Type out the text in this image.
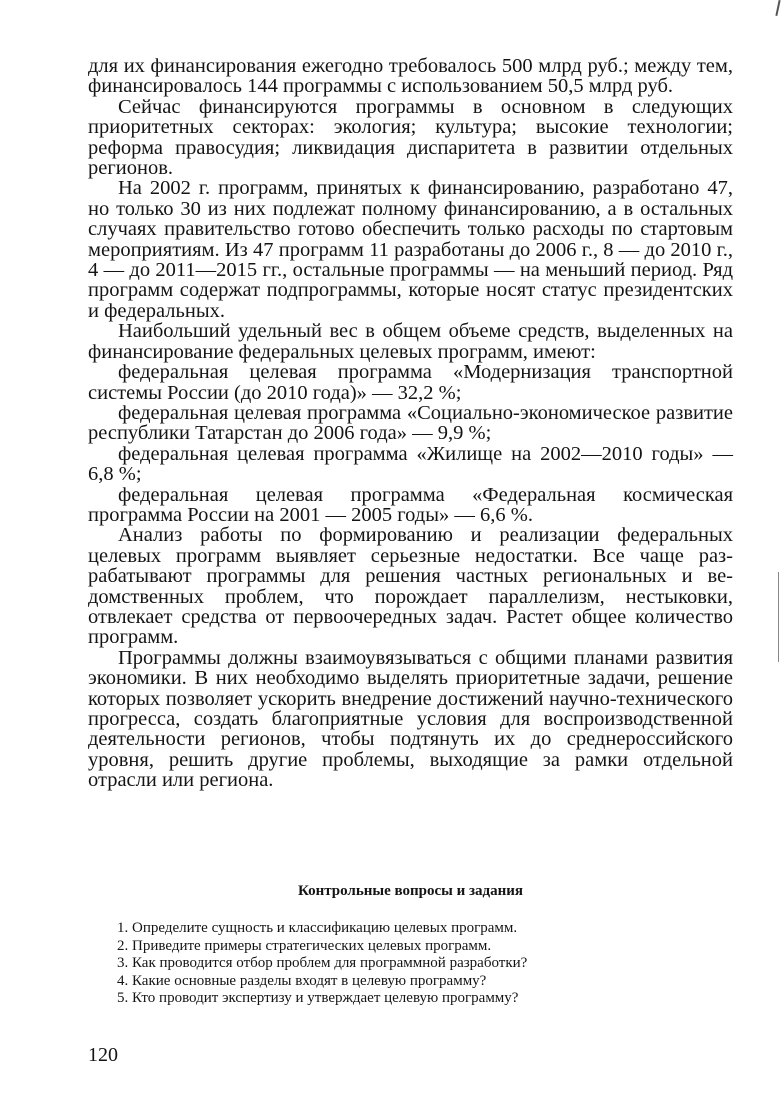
для их финансирования ежегодно требовалось 500 млрд руб.; между тем, финансировалось 144 программы с использованием 50,5 млрд руб.

Сейчас финансируются программы в основном в следующих приоритетных секторах: экология; культура; высокие технологии; реформа правосудия; ликвидация диспаритета в развитии отдельных регионов.

На 2002 г. программ, принятых к финансированию, разработано 47, но только 30 из них подлежат полному финансированию, а в остальных случаях правительство готово обеспечить только расходы по стартовым мероприятиям. Из 47 программ 11 разработаны до 2006 г., 8 — до 2010 г., 4 — до 2011—2015 гг., остальные программы — на меньший период. Ряд программ содержат подпрограммы, которые носят статус президентских и федеральных.

Наибольший удельный вес в общем объеме средств, выделенных на финансирование федеральных целевых программ, имеют:

федеральная целевая программа «Модернизация транспортной системы России (до 2010 года)» — 32,2 %;

федеральная целевая программа «Социально-экономическое развитие республики Татарстан до 2006 года» — 9,9 %;

федеральная целевая программа «Жилище на 2002—2010 годы» — 6,8 %;

федеральная целевая программа «Федеральная космическая программа России на 2001 — 2005 годы» — 6,6 %.

Анализ работы по формированию и реализации федеральных целевых программ выявляет серьезные недостатки. Все чаще разрабатывают программы для решения частных региональных и ведомственных проблем, что порождает параллелизм, нестыковки, отвлекает средства от первоочередных задач. Растет общее количество программ.

Программы должны взаимоувязываться с общими планами развития экономики. В них необходимо выделять приоритетные задачи, решение которых позволяет ускорить внедрение достижений научно-технического прогресса, создать благоприятные условия для воспроизводственной деятельности регионов, чтобы подтянуть их до среднероссийского уровня, решить другие проблемы, выходящие за рамки отдельной отрасли или региона.

Контрольные вопросы и задания
1. Определите сущность и классификацию целевых программ.
2. Приведите примеры стратегических целевых программ.
3. Как проводится отбор проблем для программной разработки?
4. Какие основные разделы входят в целевую программу?
5. Кто проводит экспертизу и утверждает целевую программу?
120
